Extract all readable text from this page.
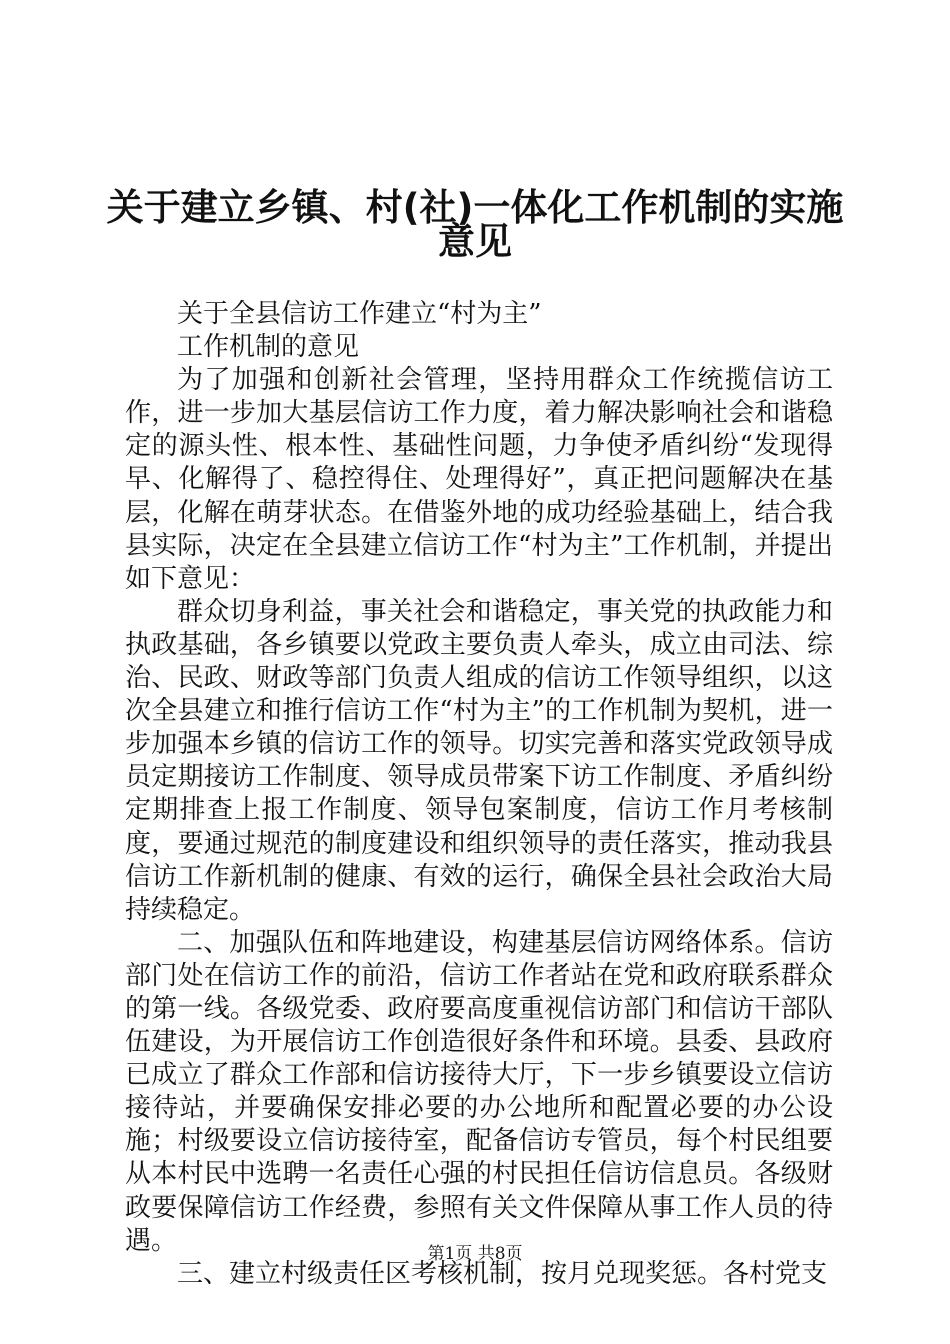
关于建立乡镇、村(社)一体化工作机制的实施
意见

关于全县信访工作建立“村为主”

工作机制的意见

为了加强和创新社会管理，坚持用群众工作统揽信访工作，进一步加大基层信访工作力度，着力解决影响社会和谐稳定的源头性、根本性、基础性问题，力争使矛盾纠纷“发现得早、化解得了、稳控得住、处理得好”，真正把问题解决在基层，化解在萌芽状态。在借鉴外地的成功经验基础上，结合我县实际，决定在全县建立信访工作“村为主”工作机制，并提出如下意见：

群众切身利益，事关社会和谐稳定，事关党的执政能力和执政基础，各乡镇要以党政主要负责人牵头，成立由司法、综治、民政、财政等部门负责人组成的信访工作领导组织，以这次全县建立和推行信访工作“村为主”的工作机制为契机，进一步加强本乡镇的信访工作的领导。切实完善和落实党政领导成员定期接访工作制度、领导成员带案下访工作制度、矛盾纠纷定期排查上报工作制度、领导包案制度，信访工作月考核制度，要通过规范的制度建设和组织领导的责任落实，推动我县信访工作新机制的健康、有效的运行，确保全县社会政治大局持续稳定。

二、加强队伍和阵地建设，构建基层信访网络体系。信访部门处在信访工作的前沿，信访工作者站在党和政府联系群众的第一线。各级党委、政府要高度重视信访部门和信访干部队伍建设，为开展信访工作创造很好条件和环境。县委、县政府已成立了群众工作部和信访接待大厅，下一步乡镇要设立信访接待站，并要确保安排必要的办公地所和配置必要的办公设施；村级要设立信访接待室，配备信访专管员，每个村民组要从本村民中选聘一名责任心强的村民担任信访信息员。各级财政要保障信访工作经费，参照有关文件保障从事工作人员的待遇。

三、建立村级责任区考核机制，按月兑现奖惩。各村党支

第1页 共8页
